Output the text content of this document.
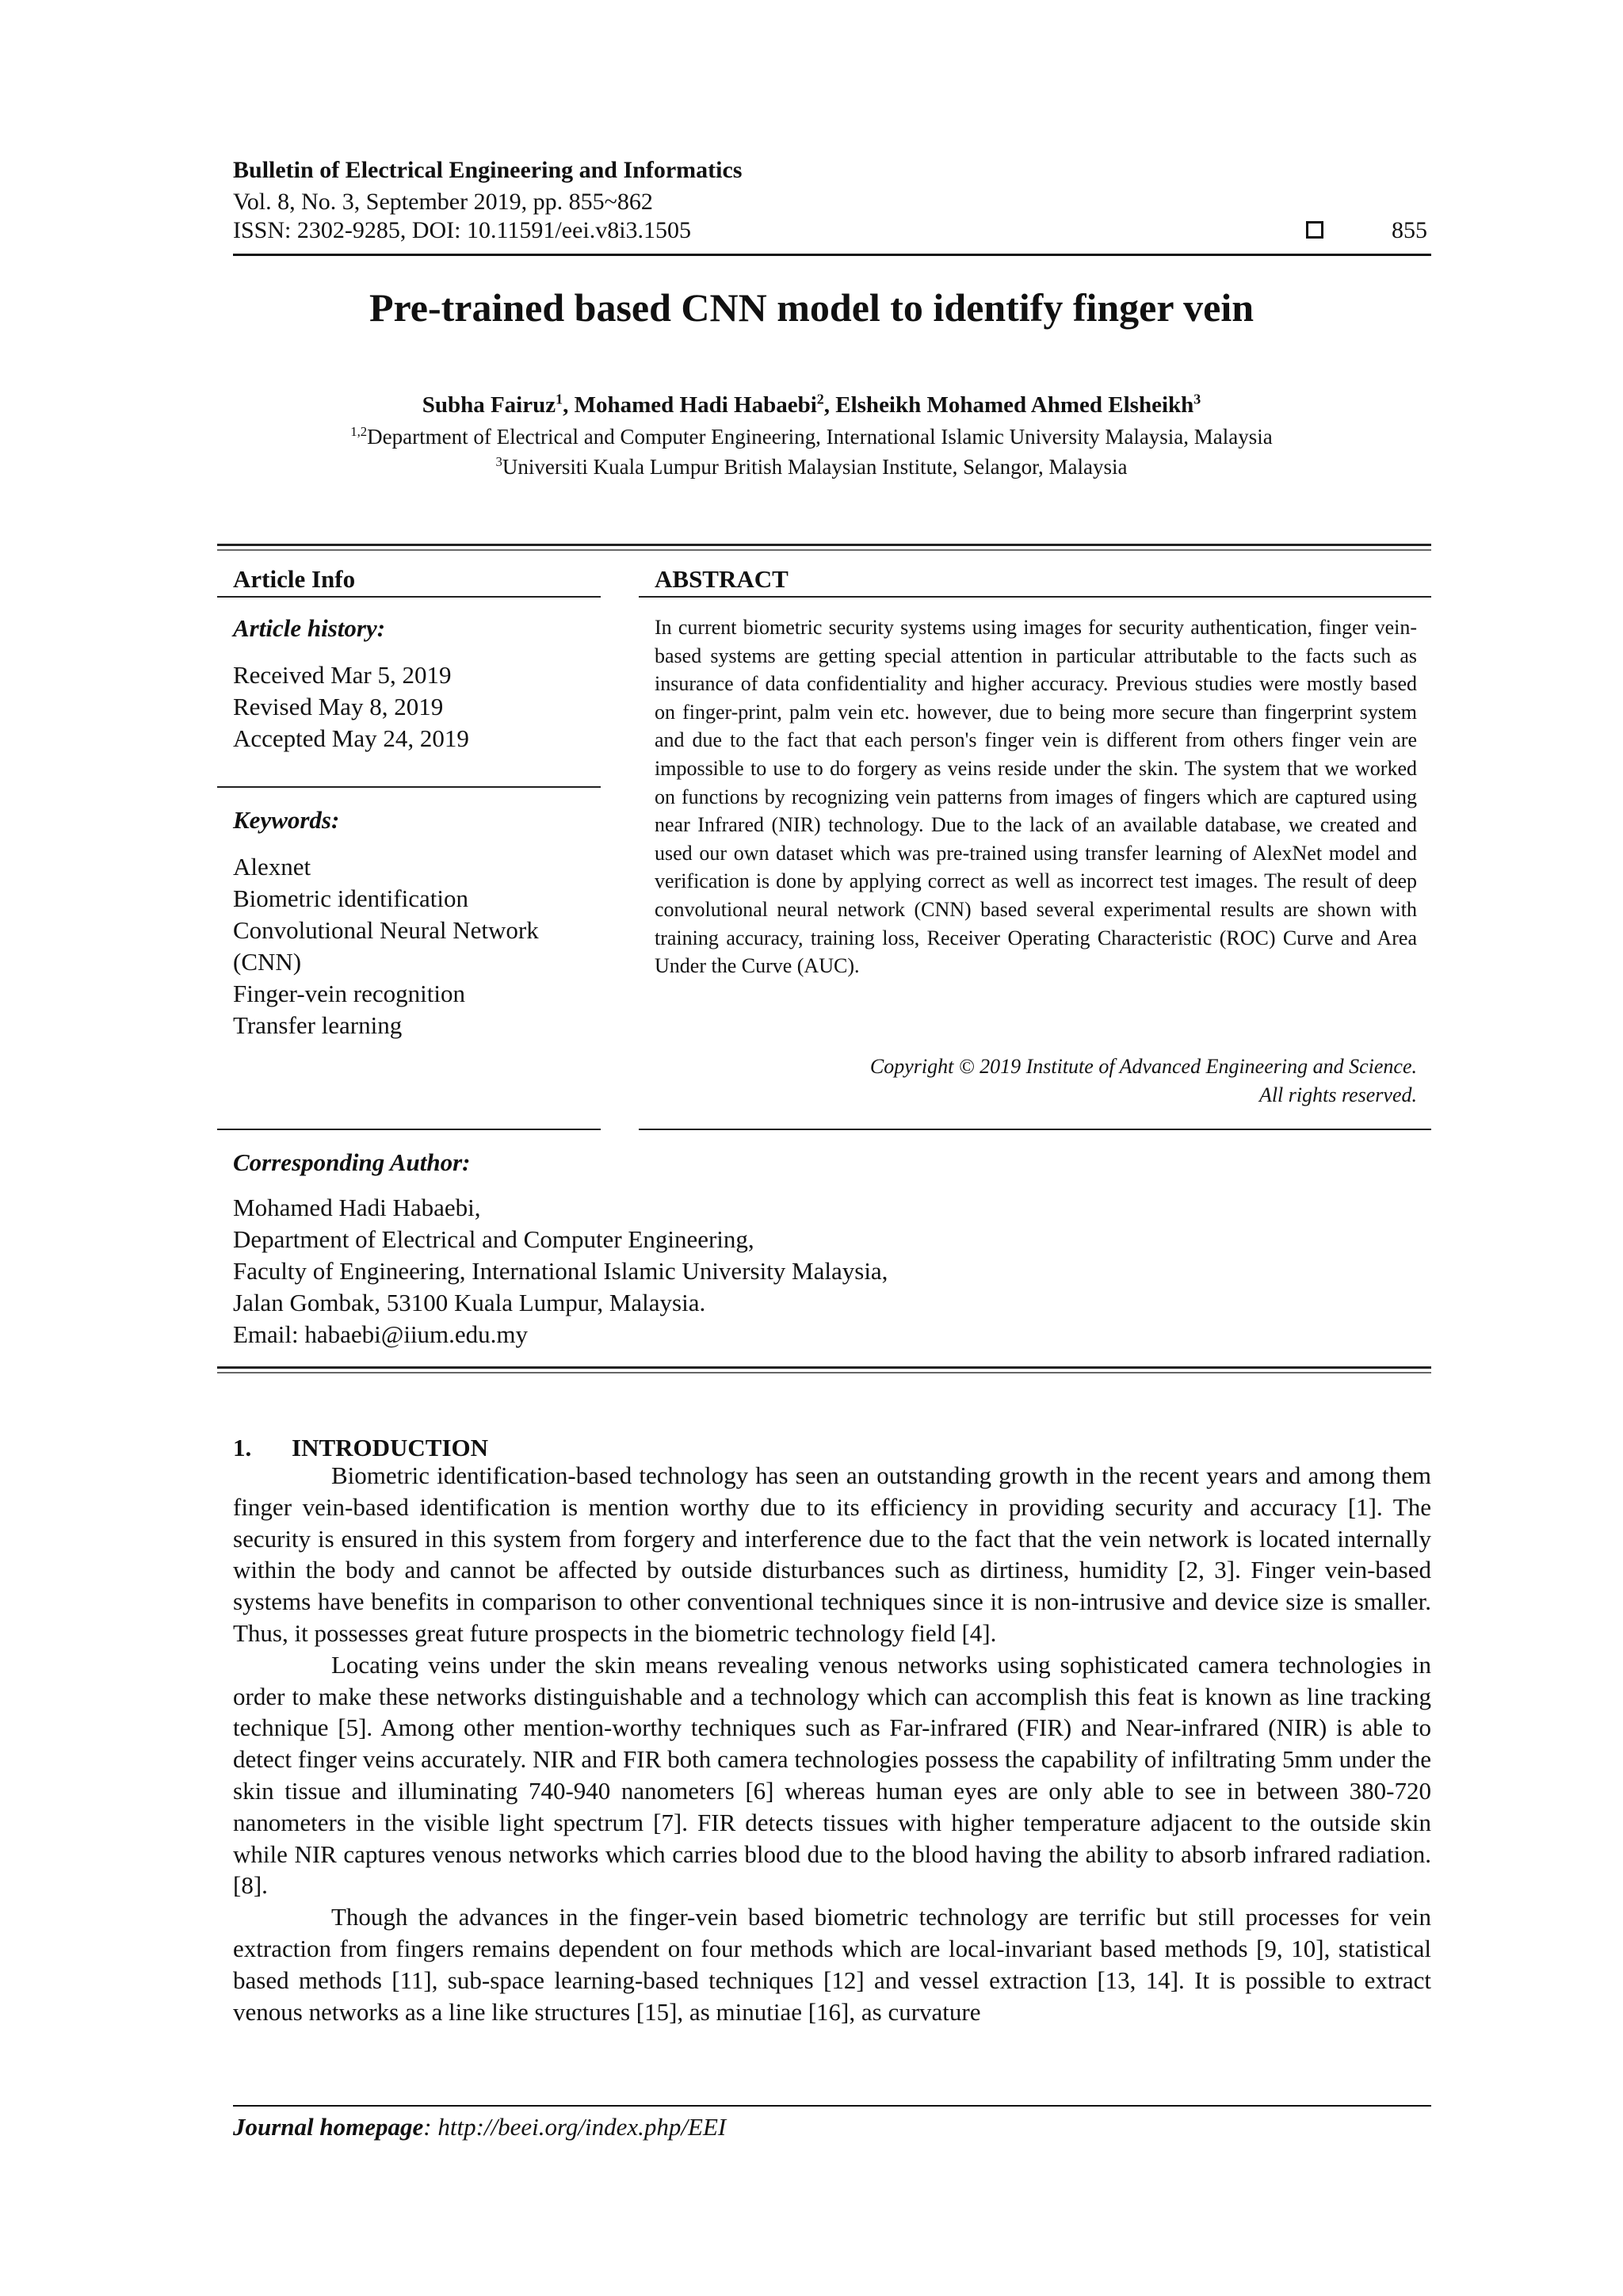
Bulletin of Electrical Engineering and Informatics
Vol. 8, No. 3, September 2019, pp. 855~862
ISSN: 2302-9285, DOI: 10.11591/eei.v8i3.1505	855
Pre-trained based CNN model to identify finger vein
Subha Fairuz$^1$, Mohamed Hadi Habaebi$^2$, Elsheikh Mohamed Ahmed Elsheikh$^3$
$^{1,2}$Department of Electrical and Computer Engineering, International Islamic University Malaysia, Malaysia
$^3$Universiti Kuala Lumpur British Malaysian Institute, Selangor, Malaysia
Article Info
Article history:
Received Mar 5, 2019
Revised May 8, 2019
Accepted May 24, 2019
Keywords:
Alexnet
Biometric identification
Convolutional Neural Network
(CNN)
Finger-vein recognition
Transfer learning
ABSTRACT
In current biometric security systems using images for security authentication, finger vein-based systems are getting special attention in particular attributable to the facts such as insurance of data confidentiality and higher accuracy. Previous studies were mostly based on finger-print, palm vein etc. however, due to being more secure than fingerprint system and due to the fact that each person's finger vein is different from others finger vein are impossible to use to do forgery as veins reside under the skin. The system that we worked on functions by recognizing vein patterns from images of fingers which are captured using near Infrared (NIR) technology. Due to the lack of an available database, we created and used our own dataset which was pre-trained using transfer learning of AlexNet model and verification is done by applying correct as well as incorrect test images. The result of deep convolutional neural network (CNN) based several experimental results are shown with training accuracy, training loss, Receiver Operating Characteristic (ROC) Curve and Area Under the Curve (AUC).
Copyright © 2019 Institute of Advanced Engineering and Science.
All rights reserved.
Corresponding Author:
Mohamed Hadi Habaebi,
Department of Electrical and Computer Engineering,
Faculty of Engineering, International Islamic University Malaysia,
Jalan Gombak, 53100 Kuala Lumpur, Malaysia.
Email: habaebi@iium.edu.my
1. INTRODUCTION

Biometric identification-based technology has seen an outstanding growth in the recent years and among them finger vein-based identification is mention worthy due to its efficiency in providing security and accuracy [1]. The security is ensured in this system from forgery and interference due to the fact that the vein network is located internally within the body and cannot be affected by outside disturbances such as dirtiness, humidity [2, 3]. Finger vein-based systems have benefits in comparison to other conventional techniques since it is non-intrusive and device size is smaller. Thus, it possesses great future prospects in the biometric technology field [4].

Locating veins under the skin means revealing venous networks using sophisticated camera technologies in order to make these networks distinguishable and a technology which can accomplish this feat is known as line tracking technique [5]. Among other mention-worthy techniques such as Far-infrared (FIR) and Near-infrared (NIR) is able to detect finger veins accurately. NIR and FIR both camera technologies possess the capability of infiltrating 5mm under the skin tissue and illuminating 740-940 nanometers [6] whereas human eyes are only able to see in between 380-720 nanometers in the visible light spectrum [7]. FIR detects tissues with higher temperature adjacent to the outside skin while NIR captures venous networks which carries blood due to the blood having the ability to absorb infrared radiation. [8].

Though the advances in the finger-vein based biometric technology are terrific but still processes for vein extraction from fingers remains dependent on four methods which are local-invariant based methods [9, 10], statistical based methods [11], sub-space learning-based techniques [12] and vessel extraction [13, 14]. It is possible to extract venous networks as a line like structures [15], as minutiae [16], as curvature

Journal homepage: http://beei.org/index.php/EEI
